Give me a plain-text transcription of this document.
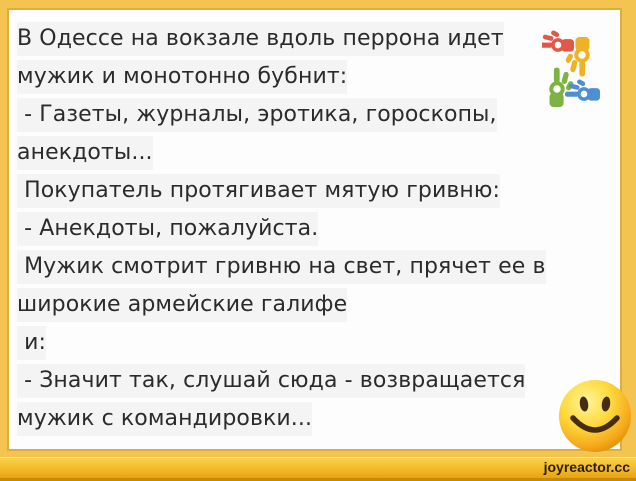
В Одессе на вокзале вдоль перрона идет
мужик и монотонно бубнит:
- Газеты, журналы, эротика, гороскопы,
анекдоты...
Покупатель протягивает мятую гривню:
- Анекдоты, пожалуйста.
Мужик смотрит гривню на свет, прячет ее в
широкие армейские галифе
и:
- Значит так, слушай сюда - возвращается
мужик с командировки...
joyreactor.cc
